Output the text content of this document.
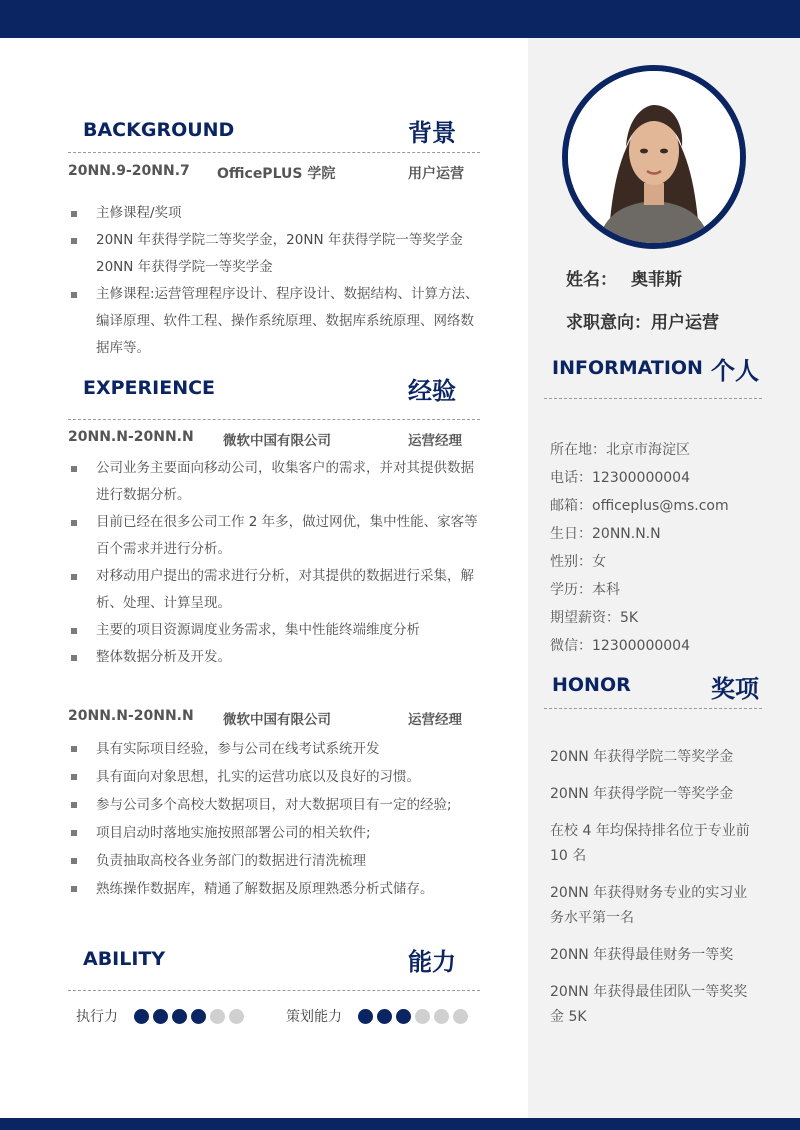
BACKGROUND	背景
20NN.9-20NN.7 OfficePLUS 学院	用户运营
主修课程/奖项
20NN 年获得学院二等奖学金，20NN 年获得学院一等奖学金 20NN 年获得学院一等奖学金
主修课程:运营管理程序设计、程序设计、数据结构、计算方法、编译原理、软件工程、操作系统原理、数据库系统原理、网络数据库等。
EXPERIENCE	经验
20NN.N-20NN.N 微软中国有限公司	运营经理
公司业务主要面向移动公司，收集客户的需求，并对其提供数据进行数据分析。
目前已经在很多公司工作 2 年多，做过网优，集中性能、家客等百个需求并进行分析。
对移动用户提出的需求进行分析，对其提供的数据进行采集，解析、处理、计算呈现。
主要的项目资源调度业务需求，集中性能终端维度分析
整体数据分析及开发。
20NN.N-20NN.N 微软中国有限公司	运营经理
具有实际项目经验，参与公司在线考试系统开发
具有面向对象思想，扎实的运营功底以及良好的习惯。
参与公司多个高校大数据项目，对大数据项目有一定的经验;
项目启动时落地实施按照部署公司的相关软件;
负责抽取高校各业务部门的数据进行清洗梳理
熟练操作数据库，精通了解数据及原理熟悉分析式储存。
ABILITY	能力
执行力	策划能力
姓名： 奥菲斯
求职意向：用户运营
INFORMATION 个人
所在地：北京市海淀区
电话：12300000004
邮箱：officeplus@ms.com
生日：20NN.N.N
性别：女
学历：本科
期望薪资：5K
微信：12300000004
HONOR	奖项
20NN 年获得学院二等奖学金
20NN 年获得学院一等奖学金
在校 4 年均保持排名位于专业前 10 名
20NN 年获得财务专业的实习业务水平第一名
20NN 年获得最佳财务一等奖
20NN 年获得最佳团队一等奖奖金 5K
